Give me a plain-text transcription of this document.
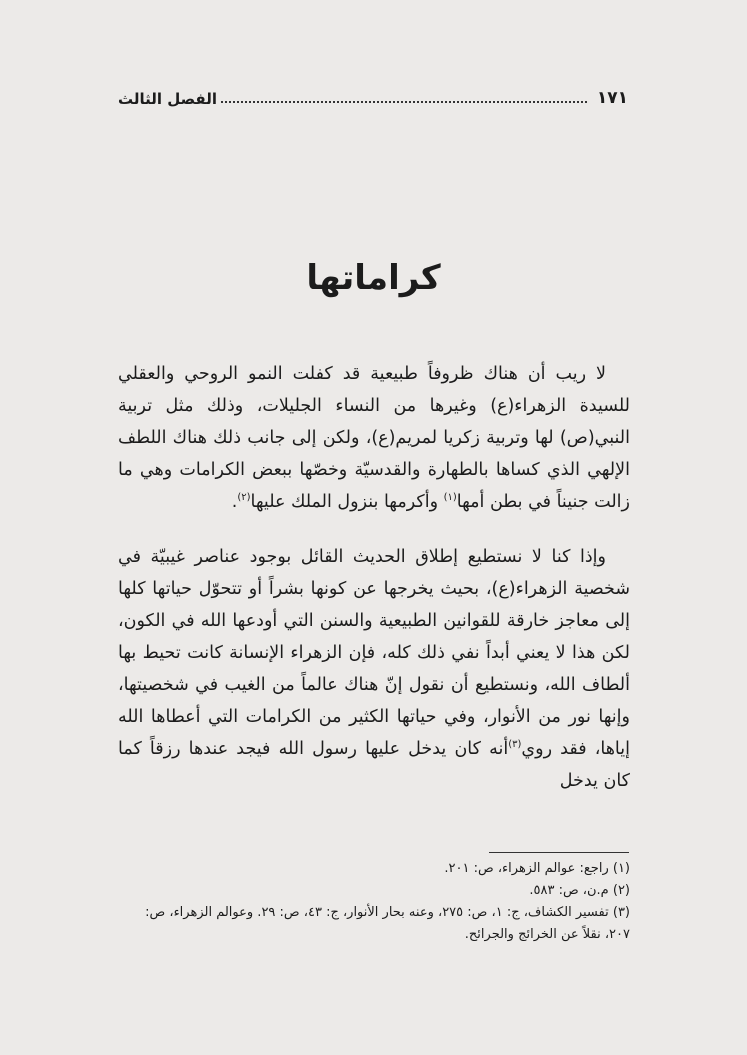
١٧١
الفصل الثالث
كراماتها

لا ريب أن هناك ظروفاً طبيعية قد كفلت النمو الروحي والعقلي للسيدة الزهراء(ع) وغيرها من النساء الجليلات، وذلك مثل تربية النبي(ص) لها وتربية زكريا لمريم(ع)، ولكن إلى جانب ذلك هناك اللطف الإلهي الذي كساها بالطهارة والقدسيّة وخصّها ببعض الكرامات وهي ما زالت جنيناً في بطن أمها$^{(١)}$ وأكرمها بنزول الملك عليها$^{(٢)}$.

وإذا كنا لا نستطيع إطلاق الحديث القائل بوجود عناصر غيبيّة في شخصية الزهراء(ع)، بحيث يخرجها عن كونها بشراً أو تتحوّل حياتها كلها إلى معاجز خارقة للقوانين الطبيعية والسنن التي أودعها الله في الكون، لكن هذا لا يعني أبداً نفي ذلك كله، فإن الزهراء الإنسانة كانت تحيط بها ألطاف الله، ونستطيع أن نقول إنّ هناك عالماً من الغيب في شخصيتها، وإنها نور من الأنوار، وفي حياتها الكثير من الكرامات التي أعطاها الله إياها، فقد روي$^{(٣)}$أنه كان يدخل عليها رسول الله فيجد عندها رزقاً كما كان يدخل

(١) راجع: عوالم الزهراء، ص: ٢٠١.
(٢) م.ن، ص: ٥٨٣.
(٣) تفسير الكشاف، ج: ١، ص: ٢٧٥، وعنه بحار الأنوار، ج: ٤٣، ص: ٢٩. وعوالم الزهراء، ص: ٢٠٧، نقلاً عن الخرائج والجرائح.
